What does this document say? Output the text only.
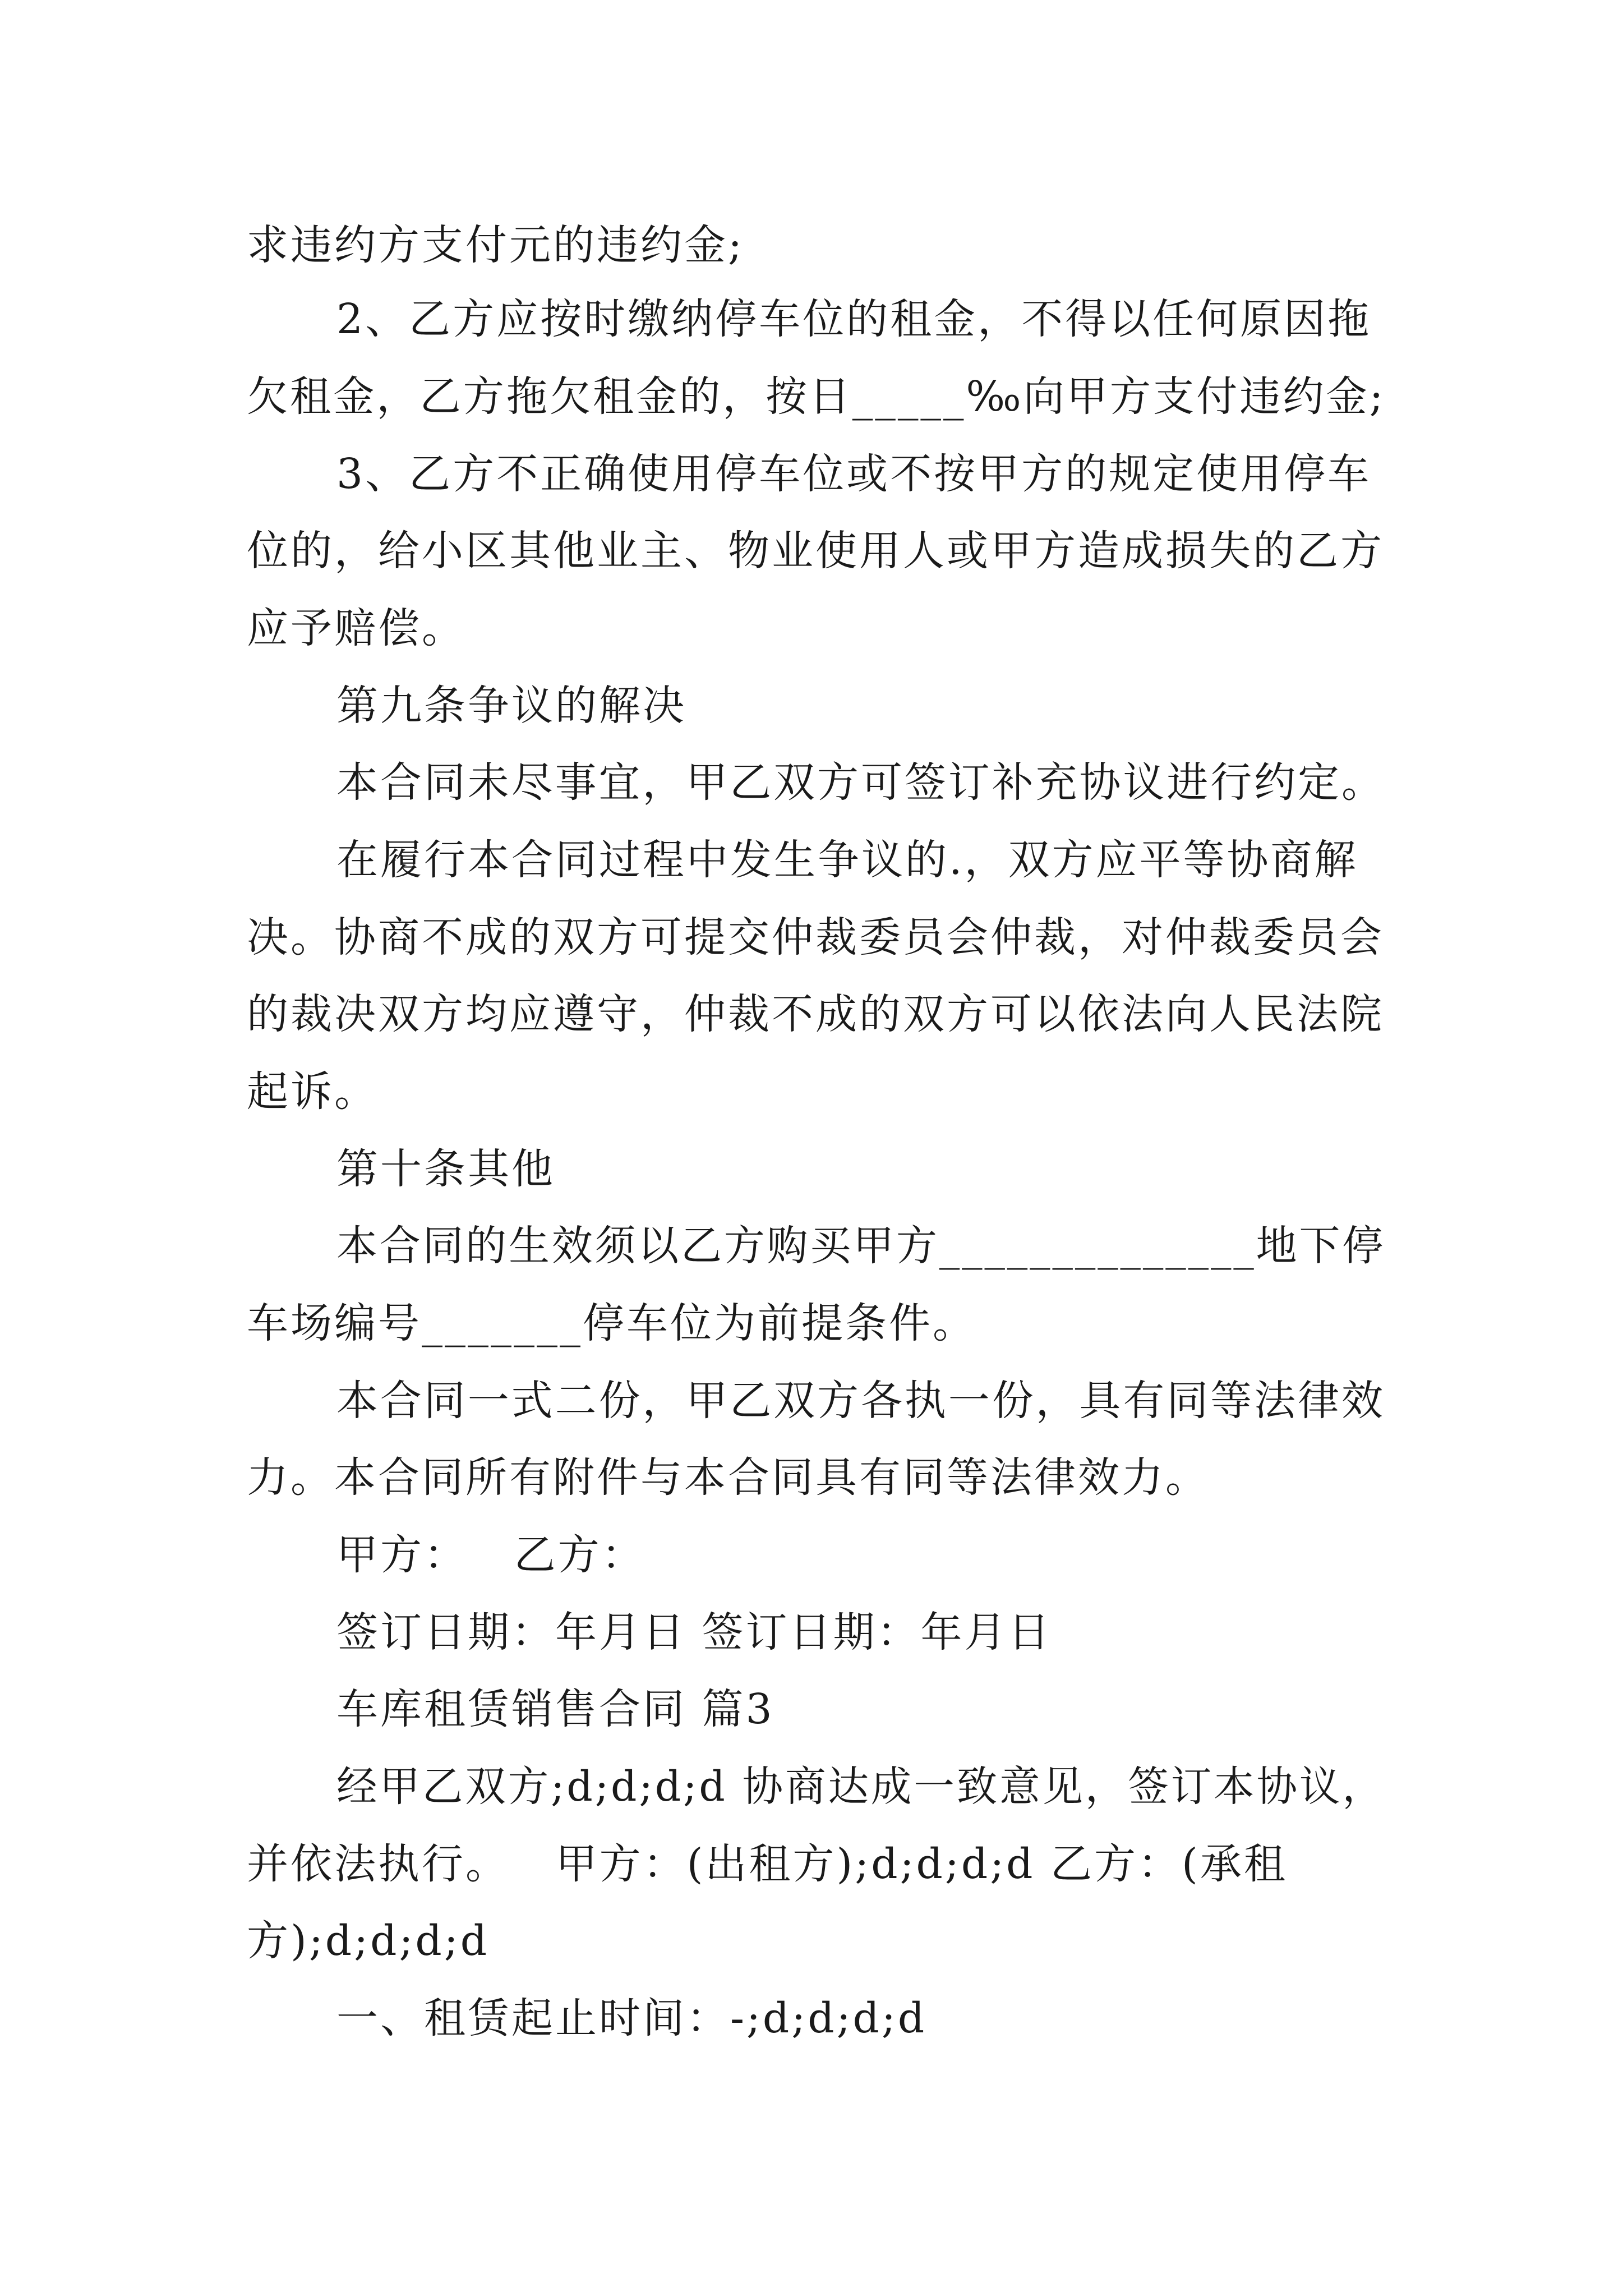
求违约方支付元的违约金;
2、乙方应按时缴纳停车位的租金，不得以任何原因拖
欠租金，乙方拖欠租金的，按日_____‰向甲方支付违约金;
3、乙方不正确使用停车位或不按甲方的规定使用停车
位的，给小区其他业主、物业使用人或甲方造成损失的乙方
应予赔偿。
第九条争议的解决
本合同未尽事宜，甲乙双方可签订补充协议进行约定。
在履行本合同过程中发生争议的.，双方应平等协商解
决。协商不成的双方可提交仲裁委员会仲裁，对仲裁委员会
的裁决双方均应遵守，仲裁不成的双方可以依法向人民法院
起诉。
第十条其他
本合同的生效须以乙方购买甲方______________地下停
车场编号_______停车位为前提条件。
本合同一式二份，甲乙双方各执一份，具有同等法律效
力。本合同所有附件与本合同具有同等法律效力。
甲方：   乙方：
签订日期：年月日 签订日期：年月日
车库租赁销售合同 篇3
经甲乙双方;d;d;d;d 协商达成一致意见，签订本协议，
并依法执行。   甲方：(出租方);d;d;d;d 乙方：(承租
方);d;d;d;d
一、租赁起止时间：-;d;d;d;d
